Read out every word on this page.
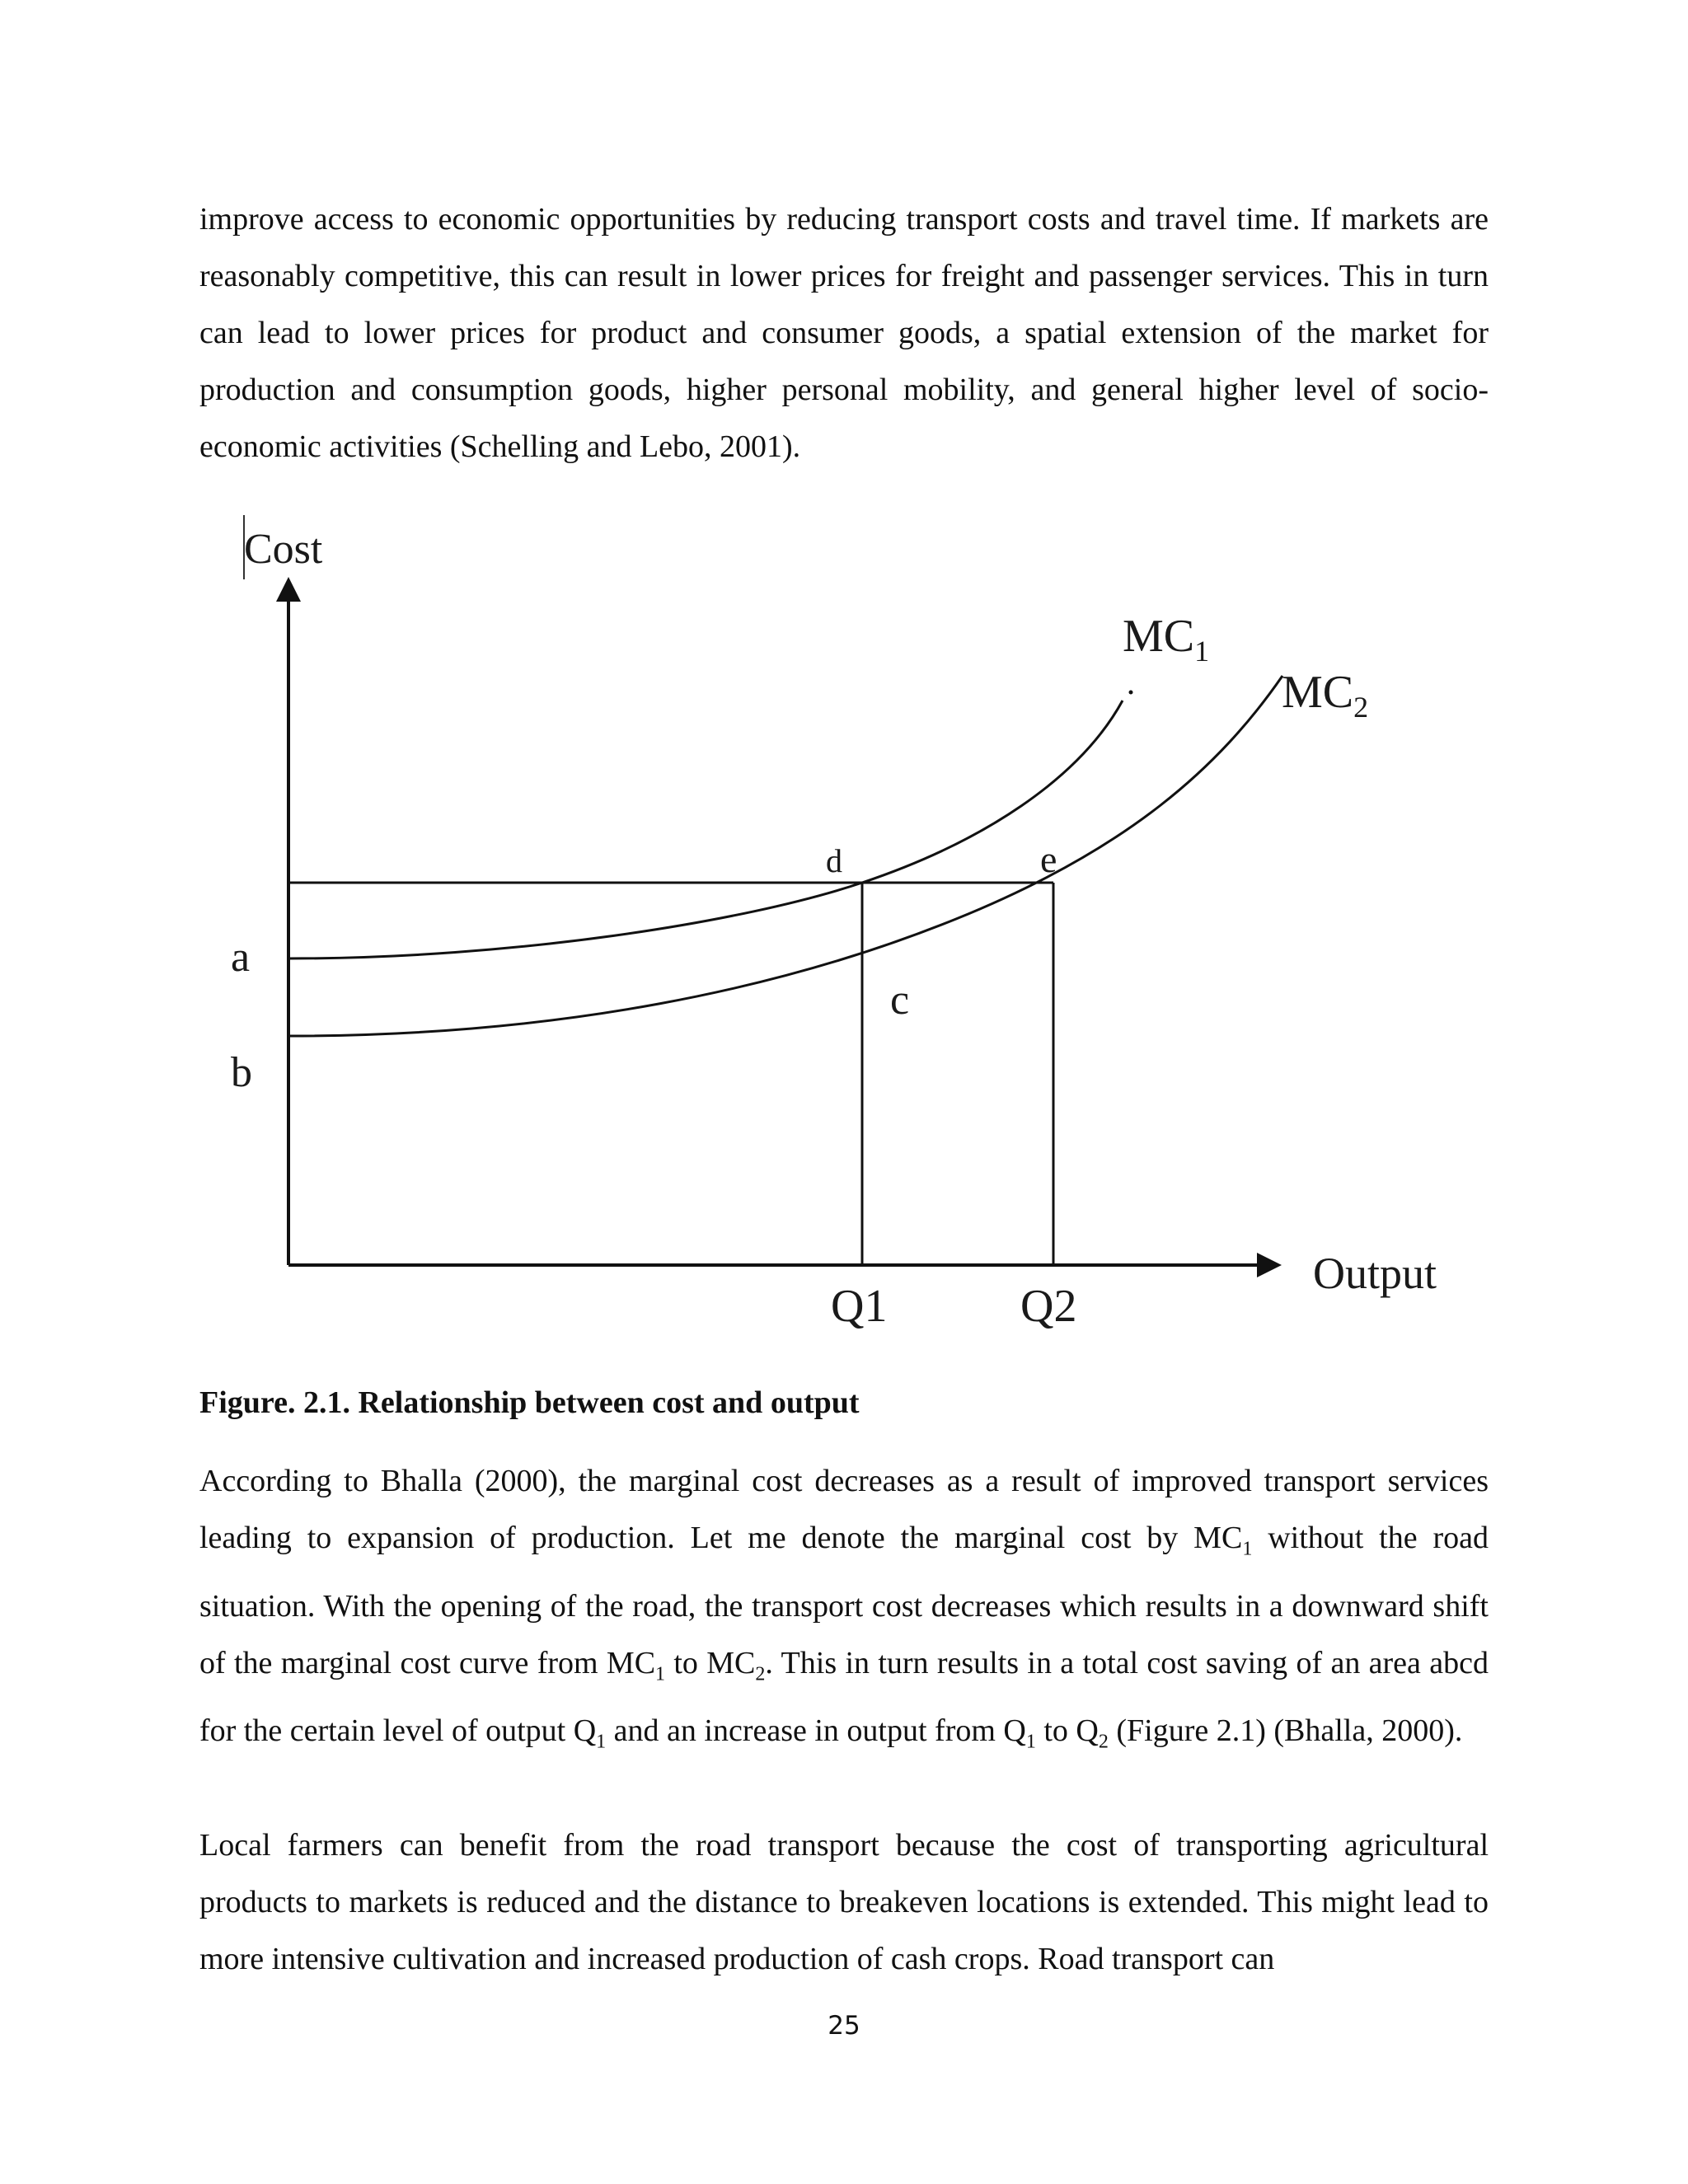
improve access to economic opportunities by reducing transport costs and travel time. If markets are reasonably competitive, this can result in lower prices for freight and passenger services. This in turn can lead to lower prices for product and consumer goods, a spatial extension of the market for production and consumption goods, higher personal mobility, and general higher level of socio-economic activities (Schelling and Lebo, 2001).

Cost
Output
$MC_1$
$MC_2$
a
b
c
d	e
Q1	Q2

Figure. 2.1. Relationship between cost and output

According to Bhalla (2000), the marginal cost decreases as a result of improved transport services leading to expansion of production. Let me denote the marginal cost by $MC_1$ without the road situation. With the opening of the road, the transport cost decreases which results in a downward shift of the marginal cost curve from $MC_1$ to $MC_2$. This in turn results in a total cost saving of an area abcd for the certain level of output $Q_1$ and an increase in output from $Q_1$ to $Q_2$ (Figure 2.1) (Bhalla, 2000).

Local farmers can benefit from the road transport because the cost of transporting agricultural products to markets is reduced and the distance to breakeven locations is extended. This might lead to more intensive cultivation and increased production of cash crops. Road transport can

25
